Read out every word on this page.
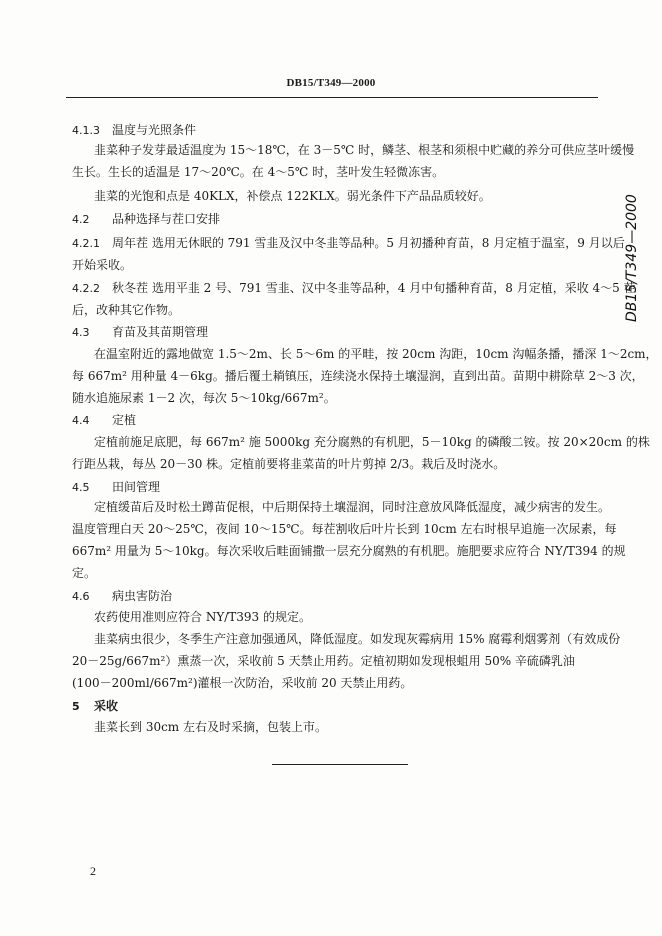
DB15/T349—2000
DB15/T349—2000
4.1.3 温度与光照条件
韭菜种子发芽最适温度为 15～18℃，在 3－5℃ 时，鳞茎、根茎和须根中贮藏的养分可供应茎叶缓慢
生长。生长的适温是 17～20℃。在 4～5℃ 时，茎叶发生轻微冻害。
韭菜的光饱和点是 40KLX，补偿点 122KLX。弱光条件下产品品质较好。
4.2 品种选择与茬口安排
4.2.1 周年茬 选用无休眠的 791 雪韭及汉中冬韭等品种。5 月初播种育苗，8 月定植于温室，9 月以后
开始采收。
4.2.2 秋冬茬 选用平韭 2 号、791 雪韭、汉中冬韭等品种，4 月中旬播种育苗，8 月定植，采收 4～5 茬
后，改种其它作物。
4.3 育苗及其苗期管理
在温室附近的露地做宽 1.5～2m、长 5～6m 的平畦，按 20cm 沟距，10cm 沟幅条播，播深 1～2cm，
每 667m² 用种量 4－6kg。播后覆土耥镇压，连续浇水保持土壤湿润，直到出苗。苗期中耕除草 2～3 次，
随水追施尿素 1－2 次，每次 5～10kg/667m²。
4.4 定植
定植前施足底肥，每 667m² 施 5000kg 充分腐熟的有机肥，5－10kg 的磷酸二铵。按 20×20cm 的株
行距丛栽，每丛 20－30 株。定植前要将韭菜苗的叶片剪掉 2/3。栽后及时浇水。
4.5 田间管理
定植缓苗后及时松土蹲苗促根，中后期保持土壤湿润，同时注意放风降低湿度，减少病害的发生。
温度管理白天 20～25℃，夜间 10～15℃。每茬割收后叶片长到 10cm 左右时根早追施一次尿素，每
667m² 用量为 5～10kg。每次采收后畦面铺撒一层充分腐熟的有机肥。施肥要求应符合 NY/T394 的规
定。
4.6 病虫害防治
农药使用准则应符合 NY/T393 的规定。
韭菜病虫很少，冬季生产注意加强通风，降低湿度。如发现灰霉病用 15% 腐霉利烟雾剂（有效成份
20－25g/667m²）熏蒸一次，采收前 5 天禁止用药。定植初期如发现根蛆用 50% 辛硫磷乳油
(100－200ml/667m²)灌根一次防治，采收前 20 天禁止用药。
5 采收
韭菜长到 30cm 左右及时采摘，包装上市。
2
